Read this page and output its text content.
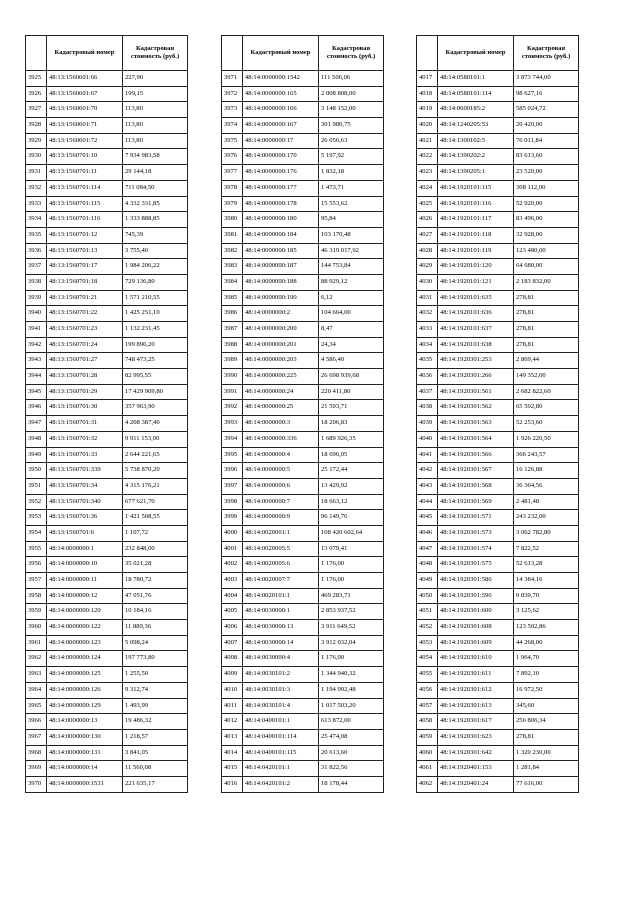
	Кадастровый номер	Кадастровая стоимость (руб.)
3925	48:13:1560601:66	227,90
3926	48:13:1560601:67	199,15
3927	48:13:1560601:70	113,80
3928	48:13:1560601:71	113,80
3929	48:13:1560601:72	113,80
3930	48:13:1560701:10	7 934 983,58
3931	48:13:1560701:11	29 144,18
3932	48:13:1560701:114	711 084,50
3933	48:13:1560701:115	4 332 331,85
3934	48:13:1560701:116	1 333 888,85
3935	48:13:1560701:12	745,39
3936	48:13:1560701:13	3 755,40
3937	48:13:1560701:17	1 984 206,22
3938	48:13:1560701:18	729 136,80
3939	48:13:1560701:21	1 571 210,55
3940	48:13:1560701:22	1 425 251,10
3941	48:13:1560701:23	1 132 231,45
3942	48:13:1560701:24	199 896,20
3943	48:13:1560701:27	748 473,25
3944	48:13:1560701:28	82 995,55
3945	48:13:1560701:29	17 429 909,80
3946	48:13:1560701:30	357 963,90
3947	48:13:1560701:31	4 208 387,40
3948	48:13:1560701:32	9 911 153,00
3949	48:13:1560701:33	2 644 221,65
3950	48:13:1560701:339	5 738 870,20
3951	48:13:1560701:34	4 315 176,21
3952	48:13:1560701:340	677 621,70
3953	48:13:1560701:36	1 421 508,55
3954	48:13:1560701:6	1 107,72
3955	48:14:0000000:1	232 848,00
3956	48:14:0000000:10	35 021,28
3957	48:14:0000000:11	18 780,72
3958	48:14:0000000:12	47 051,76
3959	48:14:0000000:120	10 184,16
3960	48:14:0000000:122	11 889,36
3961	48:14:0000000:123	5 098,24
3962	48:14:0000000:124	197 773,80
3963	48:14:0000000:125	1 255,50
3964	48:14:0000000:126	9 312,74
3965	48:14:0000000:129	1 493,99
3966	48:14:0000000:13	19 486,32
3967	48:14:0000000:130	1 218,57
3968	48:14:0000000:131	3 841,05
3969	48:14:0000000:14	11 560,08
3970	48:14:0000000:1531	221 635,17
	Кадастровый номер	Кадастровая стоимость (руб.)
3971	48:14:0000000:1542	111 506,06
3972	48:14:0000000:165	2 008 808,00
3973	48:14:0000000:166	3 148 152,00
3974	48:14:0000000:167	301 980,75
3975	48:14:0000000:17	26 056,63
3976	48:14:0000000:170	5 197,92
3977	48:14:0000000:176	1 832,18
3978	48:14:0000000:177	1 473,71
3979	48:14:0000000:178	15 553,62
3980	48:14:0000000:180	95,84
3981	48:14:0000000:184	103 170,48
3982	48:14:0000000:185	46 319 017,92
3983	48:14:0000000:187	144 753,84
3984	48:14:0000000:188	88 929,12
3985	48:14:0000000:190	6,12
3986	48:14:0000000:2	104 664,00
3987	48:14:0000000:200	8,47
3988	48:14:0000000:201	24,34
3989	48:14:0000000:203	4 586,40
3990	48:14:0000000:225	26 698 939,68
3991	48:14:0000000:24	220 411,80
3992	48:14:0000000:25	21 593,71
3993	48:14:0000000:3	18 206,83
3994	48:14:0000000:336	1 689 926,35
3995	48:14:0000000:4	18 696,05
3996	48:14:0000000:5	25 172,44
3997	48:14:0000000:6	13 429,92
3998	48:14:0000000:7	18 663,12
3999	48:14:0000000:9	96 149,76
4000	48:14:0020001:1	108 420 602,64
4001	48:14:0020005:5	13 079,41
4002	48:14:0020005:6	1 176,00
4003	48:14:0020007:7	1 176,00
4004	48:14:0020101:1	469 283,71
4005	48:14:0030000:1	2 853 937,52
4006	48:14:0030000:13	3 911 649,52
4007	48:14:0030000:14	3 912 032,04
4008	48:14:0030000:4	1 176,00
4009	48:14:0030101:2	1 344 940,32
4010	48:14:0030101:3	1 194 992,48
4011	48:14:0030101:4	1 017 503,20
4012	48:14:0400101:1	613 872,00
4013	48:14:0400101:114	25 474,08
4014	48:14:0400101:115	20 613,60
4015	48:14:0420101:1	31 822,56
4016	48:14:0420101:2	18 178,44
	Кадастровый номер	Кадастровая стоимость (руб.)
4017	48:14:0580101:1	3 873 744,00
4018	48:14:0580101:114	98 627,16
4019	48:14:0600185:2	585 024,72
4020	48:14:1240205:53	20 420,00
4021	48:14:1300102:5	76 011,84
4022	48:14:1390202:2	83 613,60
4023	48:14:1390205:1	23 520,00
4024	48:14:1920101:115	308 112,00
4025	48:14:1920101:116	52 920,00
4026	48:14:1920101:117	83 496,00
4027	48:14:1920101:118	32 928,00
4028	48:14:1920101:119	123 480,00
4029	48:14:1920101:120	64 680,00
4030	48:14:1920101:121	2 183 832,00
4031	48:14:1920101:635	278,81
4032	48:14:1920101:636	278,81
4033	48:14:1920101:637	278,81
4034	48:14:1920101:638	278,81
4035	48:14:1920301:253	2 869,44
4036	48:14:1920301:266	149 352,00
4037	48:14:1920301:561	2 682 822,60
4038	48:14:1920301:562	65 592,80
4039	48:14:1920301:563	52 253,60
4040	48:14:1920301:564	1 926 220,50
4041	48:14:1920301:566	366 243,57
4042	48:14:1920301:567	16 126,88
4043	48:14:1920301:568	36 364,56
4044	48:14:1920301:569	2 481,48
4045	48:14:1920301:571	243 232,00
4046	48:14:1920301:573	3 062 782,80
4047	48:14:1920301:574	7 822,52
4048	48:14:1920301:575	52 613,28
4049	48:14:1920301:586	14 384,16
4050	48:14:1920301:596	9 839,70
4051	48:14:1920301:600	3 125,62
4052	48:14:1920301:608	123 502,86
4053	48:14:1920301:609	44 268,00
4054	48:14:1920301:610	1 964,70
4055	48:14:1920301:611	7 892,10
4056	48:14:1920301:612	16 972,50
4057	48:14:1920301:613	345,60
4058	48:14:1920301:617	256 806,34
4059	48:14:1920301:623	278,81
4060	48:14:1920301:642	1 320 230,00
4061	48:14:1920401:153	1 281,84
4062	48:14:1920401:24	77 616,00
